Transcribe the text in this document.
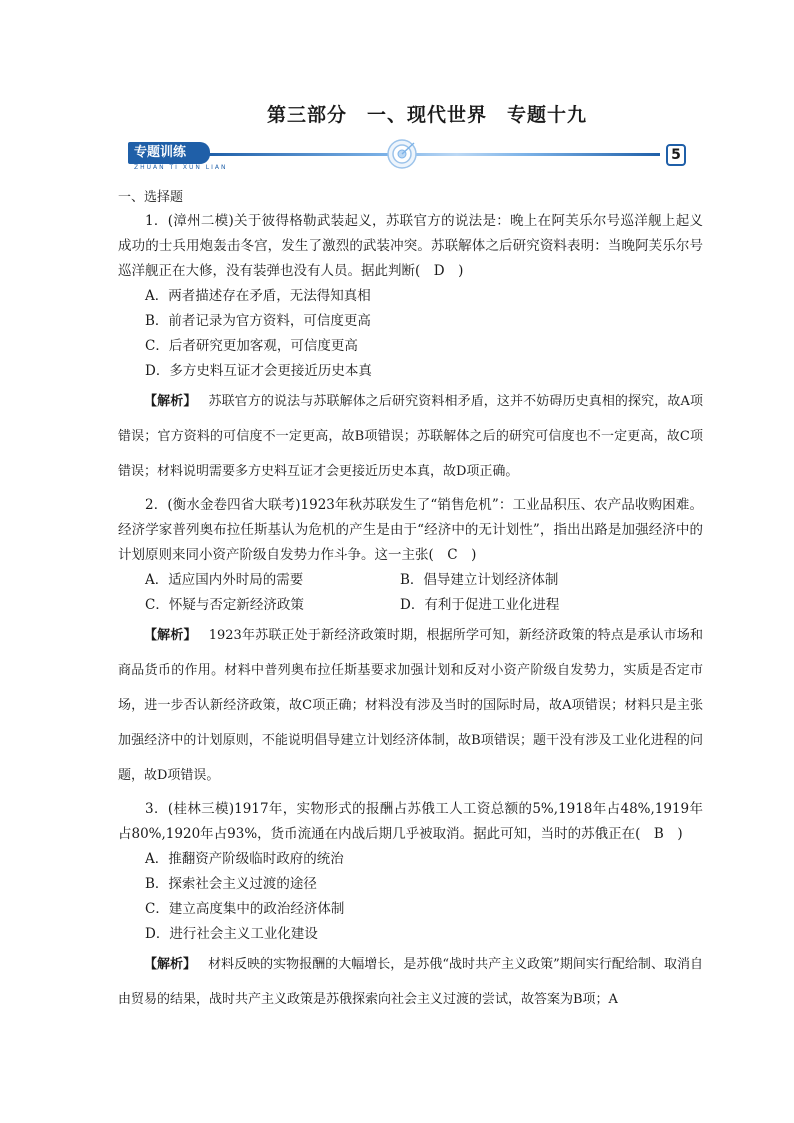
第三部分　一、现代世界　专题十九
专题训练
ZHUAN TI XUN LIAN
5
一、选择题

1．(漳州二模)关于彼得格勒武装起义，苏联官方的说法是：晚上在阿芙乐尔号巡洋舰上起义成功的士兵用炮轰击冬宫，发生了激烈的武装冲突。苏联解体之后研究资料表明：当晚阿芙乐尔号巡洋舰正在大修，没有装弹也没有人员。据此判断(　D　)

A．两者描述存在矛盾，无法得知真相

B．前者记录为官方资料，可信度更高

C．后者研究更加客观，可信度更高

D．多方史料互证才会更接近历史本真

【解析】 苏联官方的说法与苏联解体之后研究资料相矛盾，这并不妨碍历史真相的探究，故A项错误；官方资料的可信度不一定更高，故B项错误；苏联解体之后的研究可信度也不一定更高，故C项错误；材料说明需要多方史料互证才会更接近历史本真，故D项正确。

2．(衡水金卷四省大联考)1923年秋苏联发生了“销售危机”：工业品积压、农产品收购困难。经济学家普列奥布拉任斯基认为危机的产生是由于“经济中的无计划性”，指出出路是加强经济中的计划原则来同小资产阶级自发势力作斗争。这一主张(　C　)

A．适应国内外时局的需要	B．倡导建立计划经济体制
C．怀疑与否定新经济政策	D．有利于促进工业化进程

【解析】 1923年苏联正处于新经济政策时期，根据所学可知，新经济政策的特点是承认市场和商品货币的作用。材料中普列奥布拉任斯基要求加强计划和反对小资产阶级自发势力，实质是否定市场，进一步否认新经济政策，故C项正确；材料没有涉及当时的国际时局，故A项错误；材料只是主张加强经济中的计划原则，不能说明倡导建立计划经济体制，故B项错误；题干没有涉及工业化进程的问题，故D项错误。

3．(桂林三模)1917年，实物形式的报酬占苏俄工人工资总额的5%,1918年占48%,1919年占80%,1920年占93%，货币流通在内战后期几乎被取消。据此可知，当时的苏俄正在(　B　)

A．推翻资产阶级临时政府的统治

B．探索社会主义过渡的途径

C．建立高度集中的政治经济体制

D．进行社会主义工业化建设

【解析】 材料反映的实物报酬的大幅增长，是苏俄“战时共产主义政策”期间实行配给制、取消自由贸易的结果，战时共产主义政策是苏俄探索向社会主义过渡的尝试，故答案为B项；A
